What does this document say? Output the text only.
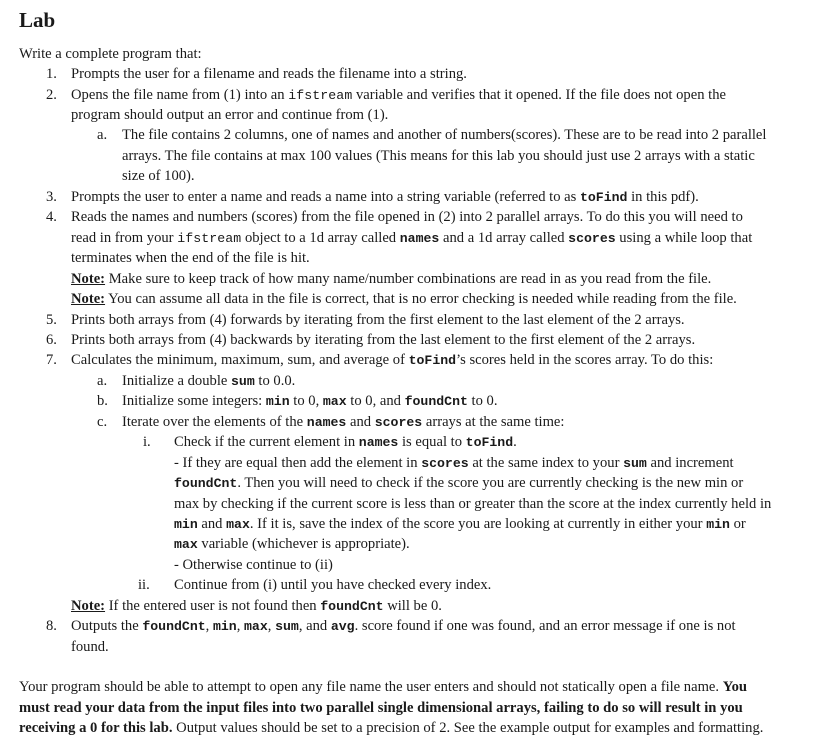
Lab
Write a complete program that:
1. Prompts the user for a filename and reads the filename into a string.
2. Opens the file name from (1) into an ifstream variable and verifies that it opened. If the file does not open the
program should output an error and continue from (1).
a. The file contains 2 columns, one of names and another of numbers(scores). These are to be read into 2 parallel
arrays. The file contains at max 100 values (This means for this lab you should just use 2 arrays with a static
size of 100).
3. Prompts the user to enter a name and reads a name into a string variable (referred to as toFind in this pdf).
4. Reads the names and numbers (scores) from the file opened in (2) into 2 parallel arrays. To do this you will need to
read in from your ifstream object to a 1d array called names and a 1d array called scores using a while loop that
terminates when the end of the file is hit.
Note: Make sure to keep track of how many name/number combinations are read in as you read from the file.
Note: You can assume all data in the file is correct, that is no error checking is needed while reading from the file.
5. Prints both arrays from (4) forwards by iterating from the first element to the last element of the 2 arrays.
6. Prints both arrays from (4) backwards by iterating from the last element to the first element of the 2 arrays.
7. Calculates the minimum, maximum, sum, and average of toFind’s scores held in the scores array. To do this:
a. Initialize a double sum to 0.0.
b. Initialize some integers: min to 0, max to 0, and foundCnt to 0.
c. Iterate over the elements of the names and scores arrays at the same time:
i. Check if the current element in names is equal to toFind.
- If they are equal then add the element in scores at the same index to your sum and increment
foundCnt. Then you will need to check if the score you are currently checking is the new min or
max by checking if the current score is less than or greater than the score at the index currently held in
min and max. If it is, save the index of the score you are looking at currently in either your min or
max variable (whichever is appropriate).
- Otherwise continue to (ii)
ii. Continue from (i) until you have checked every index.
Note: If the entered user is not found then foundCnt will be 0.
8. Outputs the foundCnt, min, max, sum, and avg. score found if one was found, and an error message if one is not
found.
Your program should be able to attempt to open any file name the user enters and should not statically open a file name. You
must read your data from the input files into two parallel single dimensional arrays, failing to do so will result in you
receiving a 0 for this lab. Output values should be set to a precision of 2. See the example output for examples and formatting.
